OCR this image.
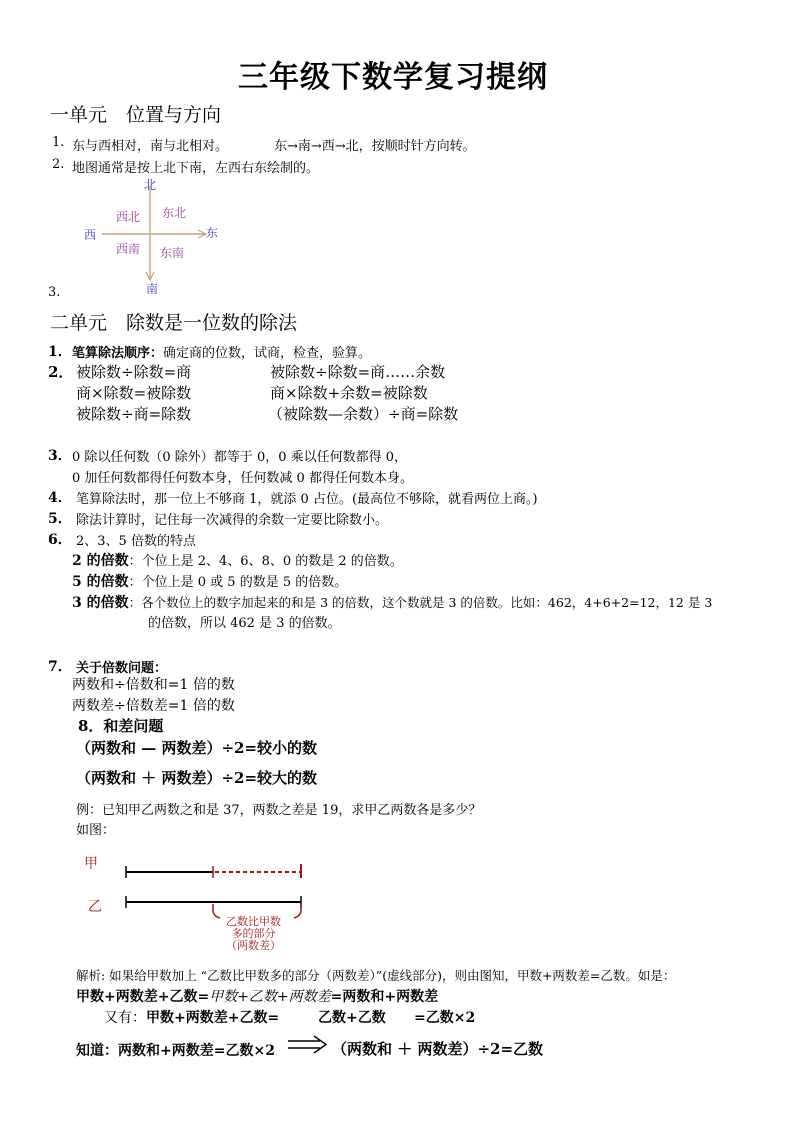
三年级下数学复习提纲
一单元　位置与方向
1. 东与西相对，南与北相对。	东→南→西→北，按顺时针方向转。
2. 地图通常是按上北下南，左西右东绘制的。
北
南
西	东
西北 东北
西南 东南
3.
二单元　除数是一位数的除法
1． 笔算除法顺序：确定商的位数，试商，检查，验算。
2． 被除数÷除数=商	被除数÷除数=商……余数
商×除数=被除数	商×除数+余数=被除数
被除数÷商=除数	（被除数—余数）÷商=除数
3． 0 除以任何数（0 除外）都等于 0，0 乘以任何数都得 0，
0 加任何数都得任何数本身，任何数减 0 都得任何数本身。
4． 笔算除法时，那一位上不够商 1，就添 0 占位。(最高位不够除，就看两位上商。)
5． 除法计算时，记住每一次减得的余数一定要比除数小。
6． 2、3、5 倍数的特点
2 的倍数：个位上是 2、4、6、8、0 的数是 2 的倍数。
5 的倍数：个位上是 0 或 5 的数是 5 的倍数。
3 的倍数：各个数位上的数字加起来的和是 3 的倍数，这个数就是 3 的倍数。比如：462，4+6+2=12，12 是 3
的倍数，所以 462 是 3 的倍数。
7． 关于倍数问题：
两数和÷倍数和=1 倍的数
两数差÷倍数差=1 倍的数
8．和差问题
（两数和 — 两数差）÷2=较小的数
（两数和 ＋ 两数差）÷2=较大的数
例：已知甲乙两数之和是 37，两数之差是 19，求甲乙两数各是多少？
如图：
甲
乙
乙数比甲数
多的部分
（两数差）
解析: 如果给甲数加上 “乙数比甲数多的部分（两数差）”(虚线部分)，则由图知，甲数+两数差=乙数。如是：
甲数+两数差+乙数=甲数+乙数+两数差=两数和+两数差
又有：甲数+两数差+乙数=	乙数+乙数 =乙数×2
知道：两数和+两数差=乙数×2	（两数和 ＋ 两数差）÷2=乙数
